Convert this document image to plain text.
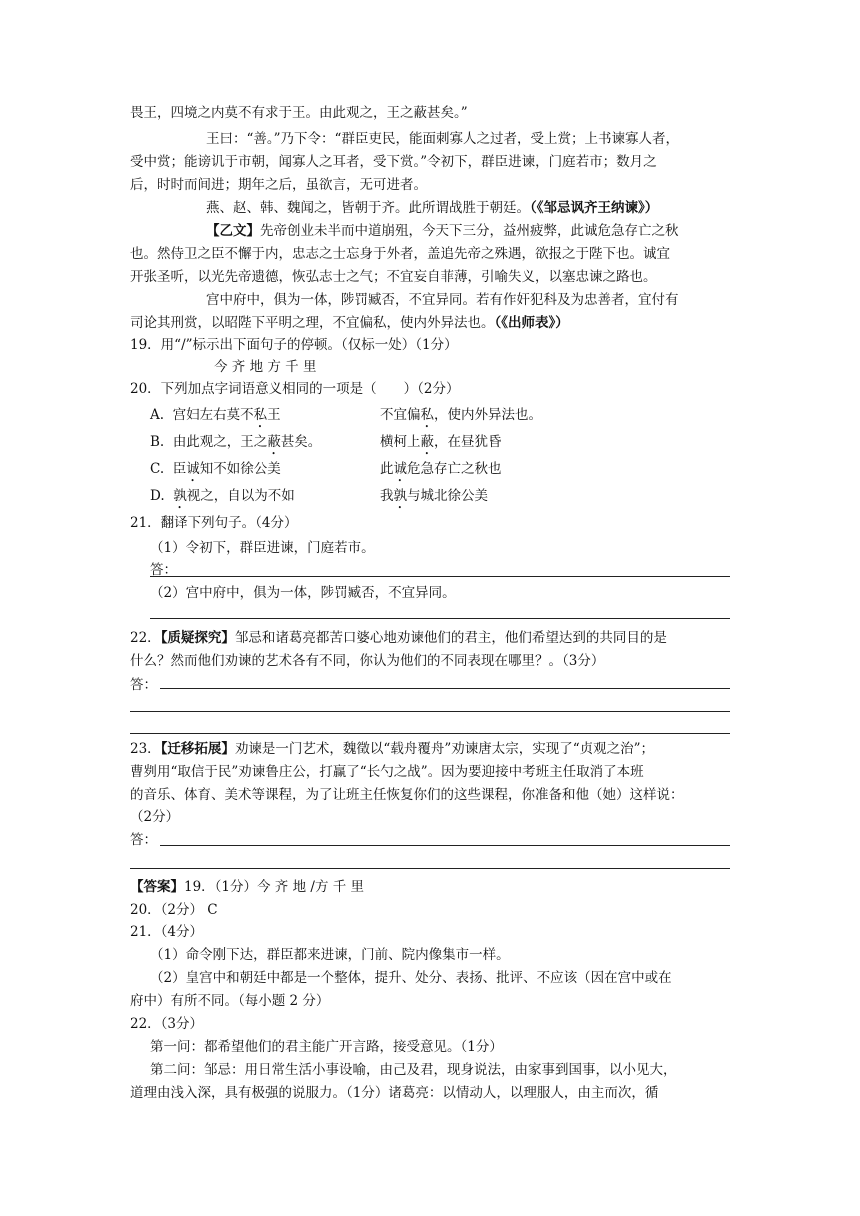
畏王，四境之内莫不有求于王。由此观之，王之蔽甚矣。”
王曰：“善。”乃下令：“群臣吏民，能面刺寡人之过者，受上赏；上书谏寡人者，
受中赏；能谤讥于市朝，闻寡人之耳者，受下赏。”令初下，群臣进谏，门庭若市；数月之
后，时时而间进；期年之后，虽欲言，无可进者。
燕、赵、韩、魏闻之，皆朝于齐。此所谓战胜于朝廷。（《邹忌讽齐王纳谏》）
【乙文】先帝创业未半而中道崩殂，今天下三分，益州疲弊，此诚危急存亡之秋
也。然侍卫之臣不懈于内，忠志之士忘身于外者，盖追先帝之殊遇，欲报之于陛下也。诚宜
开张圣听，以光先帝遗德，恢弘志士之气；不宜妄自菲薄，引喻失义，以塞忠谏之路也。
宫中府中，俱为一体，陟罚臧否，不宜异同。若有作奸犯科及为忠善者，宜付有
司论其刑赏，以昭陛下平明之理，不宜偏私，使内外异法也。（《出师表》）
19．用“/”标示出下面句子的停顿。（仅标一处）（1分）
今 齐 地 方 千 里
20．下列加点字词语意义相同的一项是（　　）（2分）
A. 宫妇左右莫不私王	不宜偏私，使内外异法也。
B. 由此观之，王之蔽甚矣。	横柯上蔽，在昼犹昏
C. 臣诚知不如徐公美	此诚危急存亡之秋也
D. 孰视之，自以为不如	我孰与城北徐公美
21．翻译下列句子。（4分）
（1）令初下，群臣进谏，门庭若市。
答：
（2）宫中府中，俱为一体，陟罚臧否，不宜异同。
22．【质疑探究】邹忌和诸葛亮都苦口婆心地劝谏他们的君主，他们希望达到的共同目的是
什么？然而他们劝谏的艺术各有不同，你认为他们的不同表现在哪里？。（3分）
答：
23．【迁移拓展】劝谏是一门艺术，魏徵以“载舟覆舟”劝谏唐太宗，实现了“贞观之治”；
曹刿用“取信于民”劝谏鲁庄公，打赢了“长勺之战”。因为要迎接中考班主任取消了本班
的音乐、体育、美术等课程，为了让班主任恢复你们的这些课程，你准备和他（她）这样说：
（2分）
答：
【答案】19．（1分）今 齐 地 /方 千 里
20．（2分） C
21．（4分）
（1）命令刚下达，群臣都来进谏，门前、院内像集市一样。
（2）皇宫中和朝廷中都是一个整体，提升、处分、表扬、批评、不应该（因在宫中或在
府中）有所不同。（每小题 2 分）
22．（3分）
第一问：都希望他们的君主能广开言路，接受意见。（1分）
第二问：邹忌：用日常生活小事设喻，由己及君，现身说法，由家事到国事，以小见大，
道理由浅入深，具有极强的说服力。（1分）诸葛亮：以情动人，以理服人，由主而次，循
